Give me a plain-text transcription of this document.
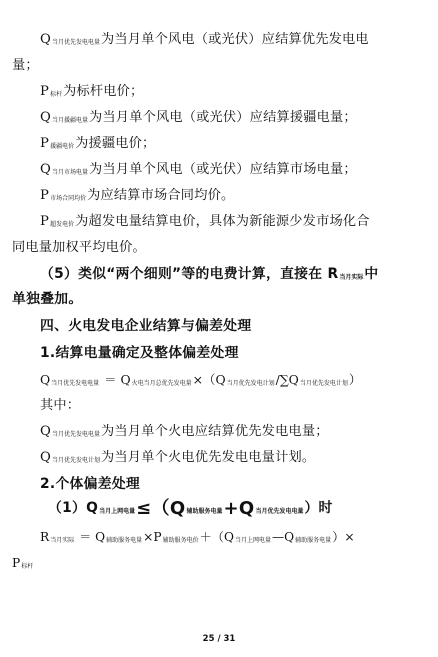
Q当月优先发电电量为当月单个风电（或光伏）应结算优先发电电
量；
P标杆为标杆电价；
Q当月援疆电量为当月单个风电（或光伏）应结算援疆电量；
P援疆电价为援疆电价；
Q当月市场电量为当月单个风电（或光伏）应结算市场电量；
P市场合同均价为应结算市场合同均价。
P超发电价为超发电量结算电价，具体为新能源少发市场化合
同电量加权平均电价。
（5）类似“两个细则”等的电费计算，直接在 R当月实际中
单独叠加。
四、火电发电企业结算与偏差处理
1.结算电量确定及整体偏差处理
Q当月优先发电电量 ＝ Q火电当月总优先发电量×（Q当月优先发电计划/∑Q当月优先发电计划）
其中：
Q当月优先发电电量为当月单个火电应结算优先发电电量；
Q当月优先发电计划为当月单个火电优先发电电量计划。
2.个体偏差处理
（1）Q当月上网电量≤（Q辅助服务电量+Q当月优先发电电量）时
R当月实际 ＝ Q辅助服务电量×P辅助服务电价＋（Q当月上网电量—Q辅助服务电量）×
P标杆
25 / 31
